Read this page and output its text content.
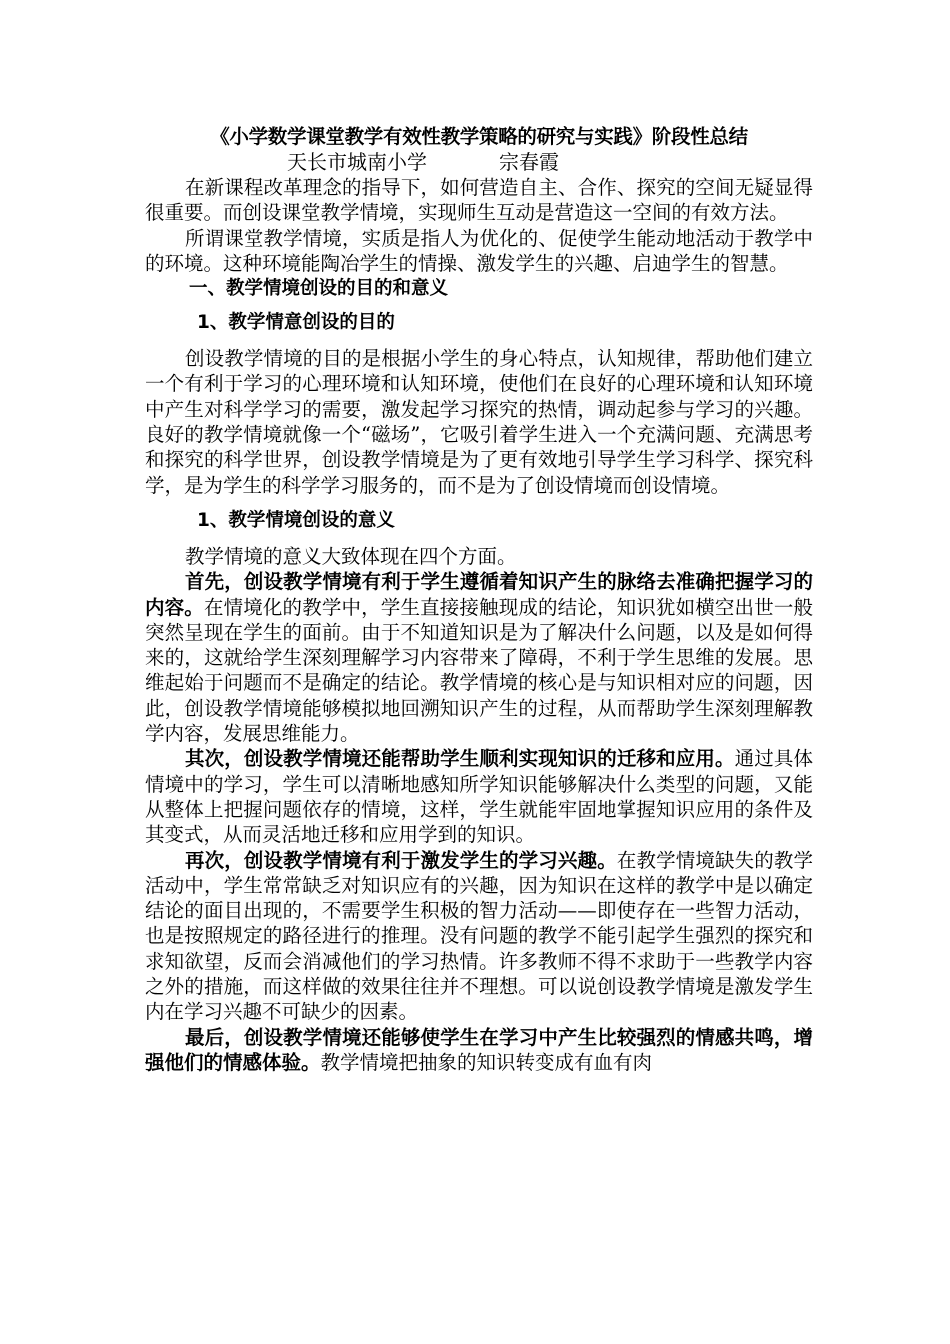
《小学数学课堂教学有效性教学策略的研究与实践》阶段性总结

天长市城南小学	宗春霞

在新课程改革理念的指导下，如何营造自主、合作、探究的空间无疑显得很重要。而创设课堂教学情境，实现师生互动是营造这一空间的有效方法。

所谓课堂教学情境，实质是指人为优化的、促使学生能动地活动于教学中的环境。这种环境能陶冶学生的情操、激发学生的兴趣、启迪学生的智慧。

一、教学情境创设的目的和意义
1、教学情意创设的目的

创设教学情境的目的是根据小学生的身心特点，认知规律，帮助他们建立一个有利于学习的心理环境和认知环境，使他们在良好的心理环境和认知环境中产生对科学学习的需要，激发起学习探究的热情，调动起参与学习的兴趣。良好的教学情境就像一个“磁场”，它吸引着学生进入一个充满问题、充满思考和探究的科学世界，创设教学情境是为了更有效地引导学生学习科学、探究科学，是为学生的科学学习服务的，而不是为了创设情境而创设情境。

1、教学情境创设的意义

教学情境的意义大致体现在四个方面。

首先，创设教学情境有利于学生遵循着知识产生的脉络去准确把握学习的内容。在情境化的教学中，学生直接接触现成的结论，知识犹如横空出世一般突然呈现在学生的面前。由于不知道知识是为了解决什么问题，以及是如何得来的，这就给学生深刻理解学习内容带来了障碍，不利于学生思维的发展。思维起始于问题而不是确定的结论。教学情境的核心是与知识相对应的问题，因此，创设教学情境能够模拟地回溯知识产生的过程，从而帮助学生深刻理解教学内容，发展思维能力。

其次，创设教学情境还能帮助学生顺利实现知识的迁移和应用。通过具体情境中的学习，学生可以清晰地感知所学知识能够解决什么类型的问题，又能从整体上把握问题依存的情境，这样，学生就能牢固地掌握知识应用的条件及其变式，从而灵活地迁移和应用学到的知识。

再次，创设教学情境有利于激发学生的学习兴趣。在教学情境缺失的教学活动中，学生常常缺乏对知识应有的兴趣，因为知识在这样的教学中是以确定结论的面目出现的，不需要学生积极的智力活动——即使存在一些智力活动，也是按照规定的路径进行的推理。没有问题的教学不能引起学生强烈的探究和求知欲望，反而会消减他们的学习热情。许多教师不得不求助于一些教学内容之外的措施，而这样做的效果往往并不理想。可以说创设教学情境是激发学生内在学习兴趣不可缺少的因素。

最后，创设教学情境还能够使学生在学习中产生比较强烈的情感共鸣，增强他们的情感体验。教学情境把抽象的知识转变成有血有肉
